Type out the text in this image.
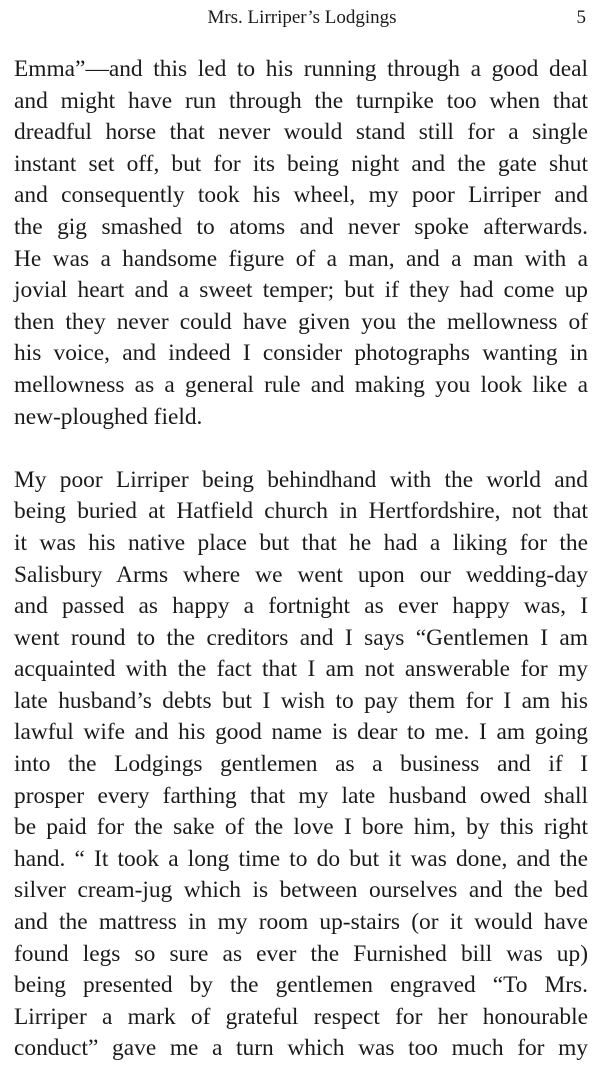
Mrs. Lirriper’s Lodgings	5

Emma”—and this led to his running through a good deal
and might have run through the turnpike too when that
dreadful horse that never would stand still for a single
instant set off, but for its being night and the gate shut
and consequently took his wheel, my poor Lirriper and
the gig smashed to atoms and never spoke afterwards.
He was a handsome figure of a man, and a man with a
jovial heart and a sweet temper; but if they had come up
then they never could have given you the mellowness of
his voice, and indeed I consider photographs wanting in
mellowness as a general rule and making you look like a
new-ploughed field.

My poor Lirriper being behindhand with the world and
being buried at Hatfield church in Hertfordshire, not that
it was his native place but that he had a liking for the
Salisbury Arms where we went upon our wedding-day
and passed as happy a fortnight as ever happy was, I
went round to the creditors and I says “Gentlemen I am
acquainted with the fact that I am not answerable for my
late husband’s debts but I wish to pay them for I am his
lawful wife and his good name is dear to me. I am going
into the Lodgings gentlemen as a business and if I
prosper every farthing that my late husband owed shall
be paid for the sake of the love I bore him, by this right
hand. “ It took a long time to do but it was done, and the
silver cream-jug which is between ourselves and the bed
and the mattress in my room up-stairs (or it would have
found legs so sure as ever the Furnished bill was up)
being presented by the gentlemen engraved “To Mrs.
Lirriper a mark of grateful respect for her honourable
conduct” gave me a turn which was too much for my
